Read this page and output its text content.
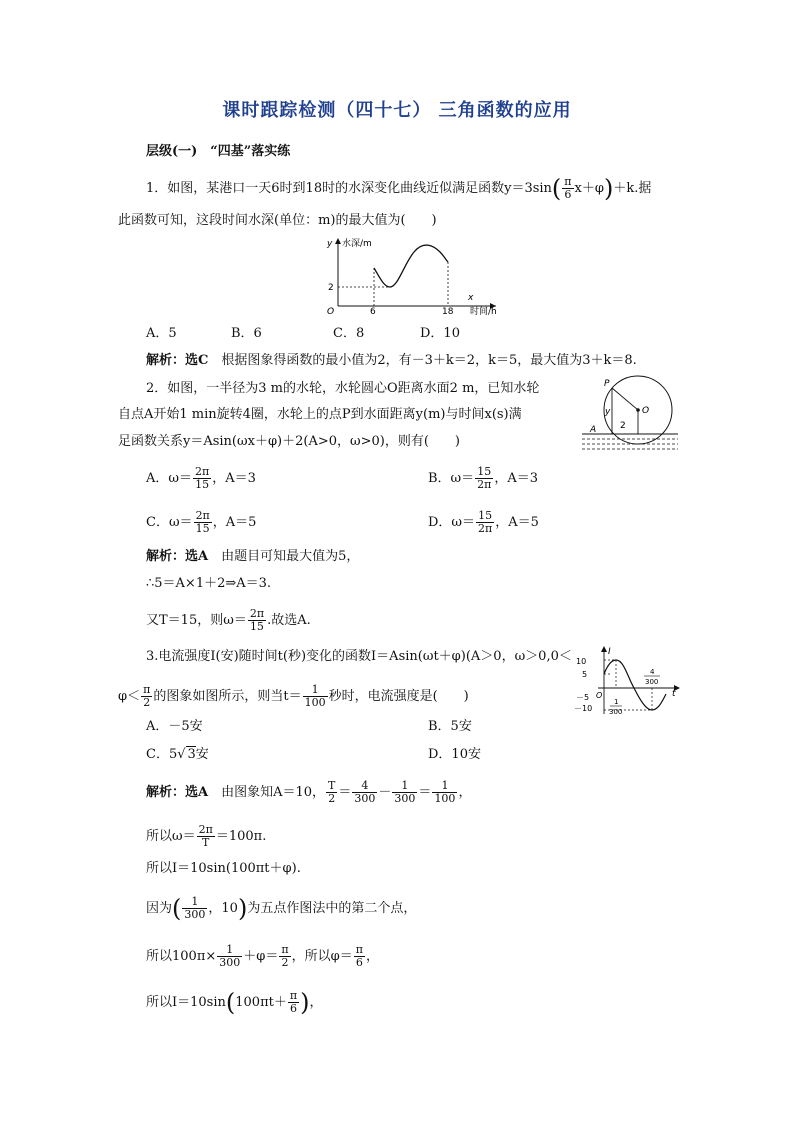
课时跟踪检测（四十七） 三角函数的应用
层级(一)　“四基”落实练
1．如图，某港口一天6时到18时的水深变化曲线近似满足函数$y=3\sin( \frac{\pi}{6} x+\varphi)+k$.据
此函数可知，这段时间水深(单位：m)的最大值为(　　)
y 水深/m
x
时间/h
O
2
6	18
A．5	B．6	C．8	D．10
解析：选C　 根据图象得函数的最小值为2，有－3＋k＝2，k＝5，最大值为3＋k＝8.
2．如图，一半径为3 m的水轮，水轮圆心O距离水面2 m，已知水轮
自点A开始1 min旋转4圈，水轮上的点P到水面距离y(m)与时间x(s)满
足函数关系y＝Asin(ωx＋φ)＋2(A>0，ω>0)，则有(　　)
P
y	O
2
A
A．$\omega= \frac{2\pi}{15}$ ，A＝3	B．$\omega= \frac{15}{2\pi}$ ，A＝3
C．$\omega= \frac{2\pi}{15}$ ，A＝5	D．$\omega= \frac{15}{2\pi}$ ，A＝5
解析：选A　 由题目可知最大值为5，
∴5＝A×1＋2⇒A＝3.
又T＝15，则$\omega= \frac{2\pi}{15}$ .故选A.
3.电流强度I(安)随时间t(秒)变化的函数I＝Asin(ωt＋φ)(A＞0，ω＞0,0＜
$\varphi< \frac{\pi}{2}$ 的图象如图所示，则当$t= \frac{1}{100}$ 秒时，电流强度是(　　)
I
t
10
5
－5
－10
O
1
300
4
300
A．－5安	B．5安
C．5√ 3安	D．10安
解析：选A　 由图象知A＝10， $\frac{T}{2} = \frac{4}{300} - \frac{1}{300} = \frac{1}{100}$ ，
所以$\omega= \frac{2\pi}{T} =100\pi$.
所以I＝10sin(100πt＋φ).
因为( $\frac{1}{300}$ ，10)为五点作图法中的第二个点，
所以$100\pi\times \frac{1}{300} +\varphi= \frac{\pi}{2}$ ，所以$\varphi= \frac{\pi}{6}$ ，
所以$I=10\sin(100\pi t+ \frac{\pi}{6}$ )，
